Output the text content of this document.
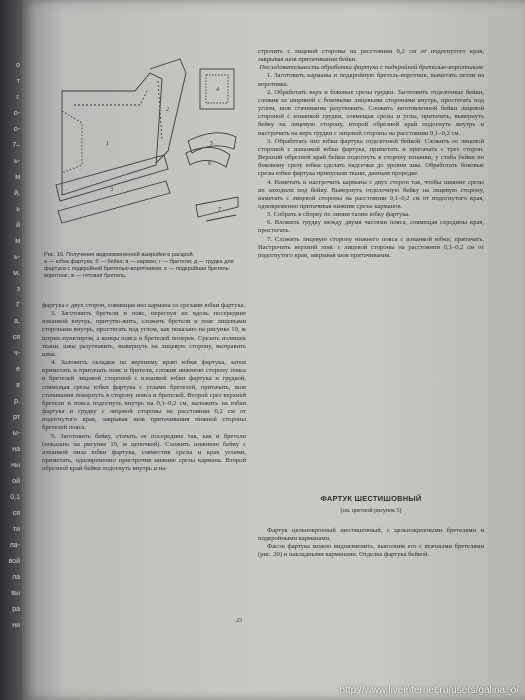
о
т
г.
о-
о-
7–
ь-
м
й,
ь
й
м
ь-
м,
з
Г
а,
ся
ч-
е
в
р.
рт
ы-
на
ны
ой
0,1
ся
ти
ла-
вой
ла
вы
ра
ни
1
2
3
4
5
6
7
Рис. 19. Получение видоизмененной выкройки в раскрой:
а — юбка фартука; б — бейка; в — карман; г — бретели; д — грудка для фартука с подкройной бретелью-воротником; е — подкройная бретель-воротник; ж — готовая бретель.

фартука с двух сторон, совмещая низ кармана со срезами юбки фартука.

3. Заготовить бретели и пояс, перегнув их вдоль посередине изнанкой внутрь, притутю-жить, сложить бретели и пояс лицевыми сторонами внутрь, простегать под углом, как показано на рисунке 19, ж штрих-пунктиром, а концы пояса и бретелей поперек. Срезать излишек ткани, швы разутюжить, вывернуть на лицевую сторону, выправить швы.

4. Заложить складки по верхнему краю юбки фартука, затем приметать и притачать пояс и бретели, сложив нижнюю сторону пояса и бретелей лицевой стороной с изнанкой юбки фартука и грудкой, совмещая срезы юбки фартука с углами бретелей, притачать, шов стачивания повернуть в сторону пояса и бретелей. Второй срез верхней бретели и пояса подогнуть внутрь на 0,1–0,2 см, наложить на юбки фартука и грудку с лицевой стороны на расстоянии 0,2 см от подогнутого края, закрывая шов притачивания нижней стороны бретелей пояса.

5. Заготовить бейку, стачать ее посередине так, как и бретели (показано на рисунке 19, ж цепочкой). Сложить нижнюю бейку с изнанкой низа юбки фартука, совместив срезы и края углами, приметать, одновременно пристрочив нижние срезы кармана. Второй обрезной край бейки подогнуть внутрь и на-

строчить с лицевой стороны на расстоянии 0,2 см от подогнутого края, закрывая шов притачивания бейки.

Последовательность обработки фартука с подкройной бретелью-воротником

1. Заготовить карманы и подкройную бретель-воротник, выметать петли на воротнике.

2. Обработать верх и боковые срезы грудки. Заготовить отделочные бейки, сложив ее шириной с боковыми лицевыми сторонами внутрь, простегать под углом, шов стачивания разутюжить. Сложить заготовленной бейки лицевой стороной с изнанкой грудки, совмещая срезы и углы, притачать, вывернуть бейку на лицевую сторону, второй обрезной край подогнуть внутрь и настрочить на верх грудки с лицевой стороны на расстоянии 0,1–0,2 см.

3. Обработать низ юбки фартука отделочной бейкой. Сложить ее лицевой стороной с изнанкой юбки фартука, приметать и притачать с трех сторон. Верхний обрезной край бейки подогнуть в сторону изнанки, у стаба бейки по боковому срезу юбки сделать надсечки до уровня шва. Обработать боковые срезы юбки фартука припуском ткани, данным проредке.

4. Наметать и настрочить карманы с двух сторон так, чтобы нижние срезы их заходили под бейку. Вывернуть отделочную бейку на лицевую сторону, наметать с лицевой стороны на расстоянии 0,1–0,2 см от подогнутого края, одновременно притачивая нижние срезы карманов.

5. Собрать в сборку по линии талии юбку фартука.

6. Вложить грудку между двумя частями пояса, совмещая середины края, простегать.

7. Сложить лицевую сторону нижнего пояса с изнанкой юбки, притачать. Настрочить верхний пояс с лицевой стороны на расстоянии 0,1–0,2 см от подогнутого края, закрывая шов притачивания.

ФАРТУК ШЕСТИШОВНЫЙ
(см. цветной рисунок 5)

Фартук цельнокроеный шестишовный, с цельнокроеными бретелями и подкройными карманами.

Фасон фартука можно видоизменить, выполнив его с втачными бретелями (рис. 20) и накладными карманами. Отделка фартука бейкой.

23
http://www.liveinternet.ru/users/galina_o/
